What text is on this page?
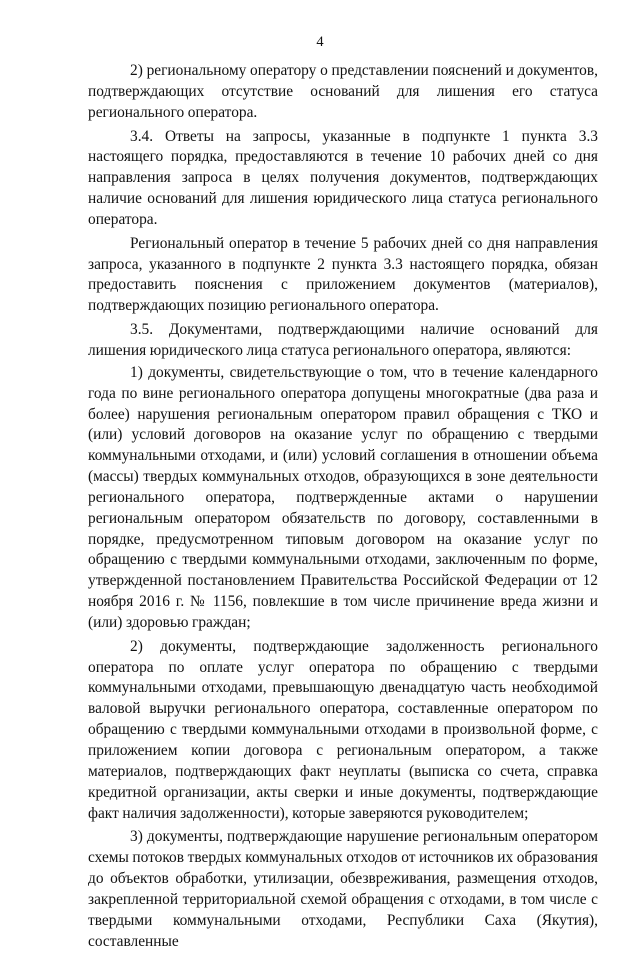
4

2) региональному оператору о представлении пояснений и документов, подтверждающих отсутствие оснований для лишения его статуса регионального оператора.

3.4. Ответы на запросы, указанные в подпункте 1 пункта 3.3 настоящего порядка, предоставляются в течение 10 рабочих дней со дня направления запроса в целях получения документов, подтверждающих наличие оснований для лишения юридического лица статуса регионального оператора.

Региональный оператор в течение 5 рабочих дней со дня направления запроса, указанного в подпункте 2 пункта 3.3 настоящего порядка, обязан предоставить пояснения с приложением документов (материалов), подтверждающих позицию регионального оператора.

3.5. Документами, подтверждающими наличие оснований для лишения юридического лица статуса регионального оператора, являются:

1) документы, свидетельствующие о том, что в течение календарного года по вине регионального оператора допущены многократные (два раза и более) нарушения региональным оператором правил обращения с ТКО и (или) условий договоров на оказание услуг по обращению с твердыми коммунальными отходами, и (или) условий соглашения в отношении объема (массы) твердых коммунальных отходов, образующихся в зоне деятельности регионального оператора, подтвержденные актами о нарушении региональным оператором обязательств по договору, составленными в порядке, предусмотренном типовым договором на оказание услуг по обращению с твердыми коммунальными отходами, заключенным по форме, утвержденной постановлением Правительства Российской Федерации от 12 ноября 2016 г. № 1156, повлекшие в том числе причинение вреда жизни и (или) здоровью граждан;

2) документы, подтверждающие задолженность регионального оператора по оплате услуг оператора по обращению с твердыми коммунальными отходами, превышающую двенадцатую часть необходимой валовой выручки регионального оператора, составленные оператором по обращению с твердыми коммунальными отходами в произвольной форме, с приложением копии договора с региональным оператором, а также материалов, подтверждающих факт неуплаты (выписка со счета, справка кредитной организации, акты сверки и иные документы, подтверждающие факт наличия задолженности), которые заверяются руководителем;

3) документы, подтверждающие нарушение региональным оператором схемы потоков твердых коммунальных отходов от источников их образования до объектов обработки, утилизации, обезвреживания, размещения отходов, закрепленной территориальной схемой обращения с отходами, в том числе с твердыми коммунальными отходами, Республики Саха (Якутия), составленные
